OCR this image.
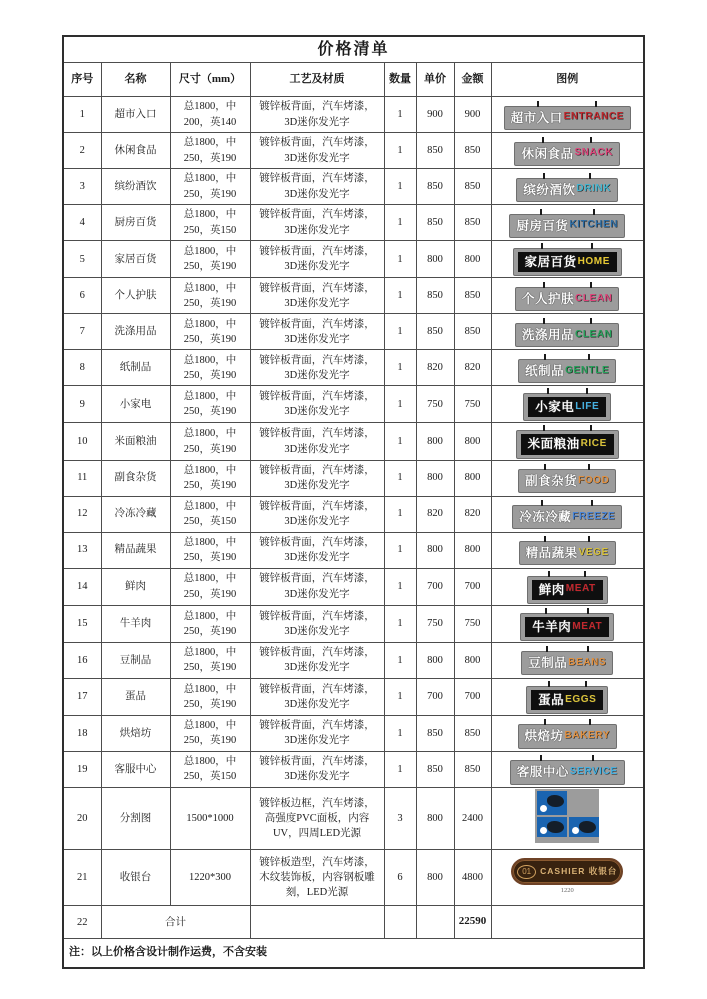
价格清单							
序号	名称	尺寸（mm）	工艺及材质	数量	单价	金额	图例
1	超市入口	总1800，中200，英140	镀锌板背面，汽车烤漆，3D迷你发光字	1	900	900	超市入口 ENTRANCE

2	休闲食品	总1800，中250，英190	镀锌板背面，汽车烤漆，3D迷你发光字	1	850	850	休闲食品 SNACK

3	缤纷酒饮	总1800，中250，英190	镀锌板背面，汽车烤漆，3D迷你发光字	1	850	850	缤纷酒饮 DRINK

4	厨房百货	总1800，中250，英150	镀锌板背面，汽车烤漆，3D迷你发光字	1	850	850	厨房百货 KITCHEN

5	家居百货	总1800，中250，英190	镀锌板背面，汽车烤漆，3D迷你发光字	1	800	800	家居百货 HOME

6	个人护肤	总1800，中250，英190	镀锌板背面，汽车烤漆，3D迷你发光字	1	850	850	个人护肤 CLEAN

7	洗涤用品	总1800，中250，英190	镀锌板背面，汽车烤漆，3D迷你发光字	1	850	850	洗涤用品 CLEAN

8	纸制品	总1800，中250，英190	镀锌板背面，汽车烤漆，3D迷你发光字	1	820	820	纸制品 GENTLE

9	小家电	总1800，中250，英190	镀锌板背面，汽车烤漆，3D迷你发光字	1	750	750	小家电 LIFE

10	米面粮油	总1800，中250，英190	镀锌板背面，汽车烤漆，3D迷你发光字	1	800	800	米面粮油 RICE

11	副食杂货	总1800，中250，英190	镀锌板背面，汽车烤漆，3D迷你发光字	1	800	800	副食杂货 FOOD

12	冷冻冷藏	总1800，中250，英150	镀锌板背面，汽车烤漆，3D迷你发光字	1	820	820	冷冻冷藏 FREEZE

13	精品蔬果	总1800，中250，英190	镀锌板背面，汽车烤漆，3D迷你发光字	1	800	800	精品蔬果 VEGE

14	鲜肉	总1800，中250，英190	镀锌板背面，汽车烤漆，3D迷你发光字	1	700	700	鲜肉 MEAT

15	牛羊肉	总1800，中250，英190	镀锌板背面，汽车烤漆，3D迷你发光字	1	750	750	牛羊肉 MEAT

16	豆制品	总1800，中250，英190	镀锌板背面，汽车烤漆，3D迷你发光字	1	800	800	豆制品 BEANS

17	蛋品	总1800，中250，英190	镀锌板背面，汽车烤漆，3D迷你发光字	1	700	700	蛋品 EGGS

18	烘焙坊	总1800，中250，英190	镀锌板背面，汽车烤漆，3D迷你发光字	1	850	850	烘焙坊 BAKERY

19	客服中心	总1800，中250，英150	镀锌板背面，汽车烤漆，3D迷你发光字	1	850	850	客服中心 SERVICE

20	分割图	1500*1000	镀锌板边框，汽车烤漆，高强度PVC面板，内容UV，四周LED光源	3	800	2400	

21	收银台	1220*300	镀锌板造型，汽车烤漆，木纹装饰板，内容钢板雕刻，LED光源	6	800	4800	01 CASHIER 收银台
1220

22	合计					22590	
注：以上价格含设计制作运费，不含安装							
